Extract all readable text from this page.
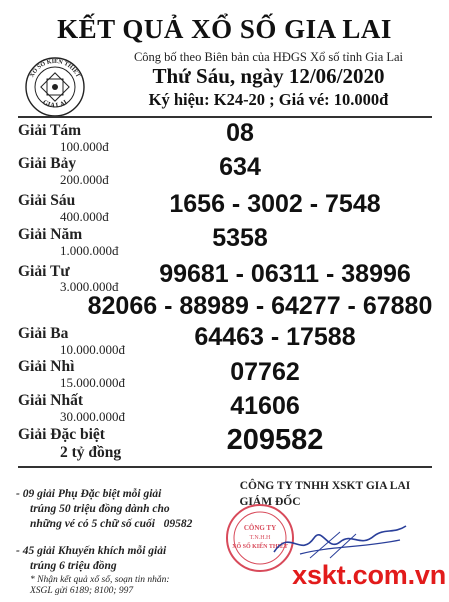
KẾT QUẢ XỔ SỐ GIA LAI
XỔ SỐ KIẾN THIẾT
GIA LAI
Công bố theo Biên bản của HĐGS Xổ số tỉnh Gia Lai
Thứ Sáu, ngày 12/06/2020
Ký hiệu: K24-20 ; Giá vé: 10.000đ
Giải Tám
100.000đ	08
Giải Bảy
200.000đ	634
Giải Sáu
400.000đ	1656 - 3002 - 7548
Giải Năm
1.000.000đ	5358
Giải Tư
3.000.000đ	99681 - 06311 - 38996
82066 - 88989 - 64277 - 67880
Giải Ba
10.000.000đ	64463 - 17588
Giải Nhì
15.000.000đ	07762
Giải Nhất
30.000.000đ	41606
Giải Đặc biệt
2 tỷ đồng	209582
- 09 giải Phụ Đặc biệt mỗi giải
trúng 50 triệu đồng dành cho
những vé có 5 chữ số cuối 09582
- 45 giải Khuyến khích mỗi giải
trúng 6 triệu đồng
* Nhận kết quả xổ số, soạn tin nhắn:
XSGL gửi 6189; 8100; 997
CÔNG TY TNHH XSKT GIA LAI
GIÁM ĐỐC
CÔNG TY
T.N.H.H
XỔ SỐ KIẾN THIẾT
xskt.com.vn
